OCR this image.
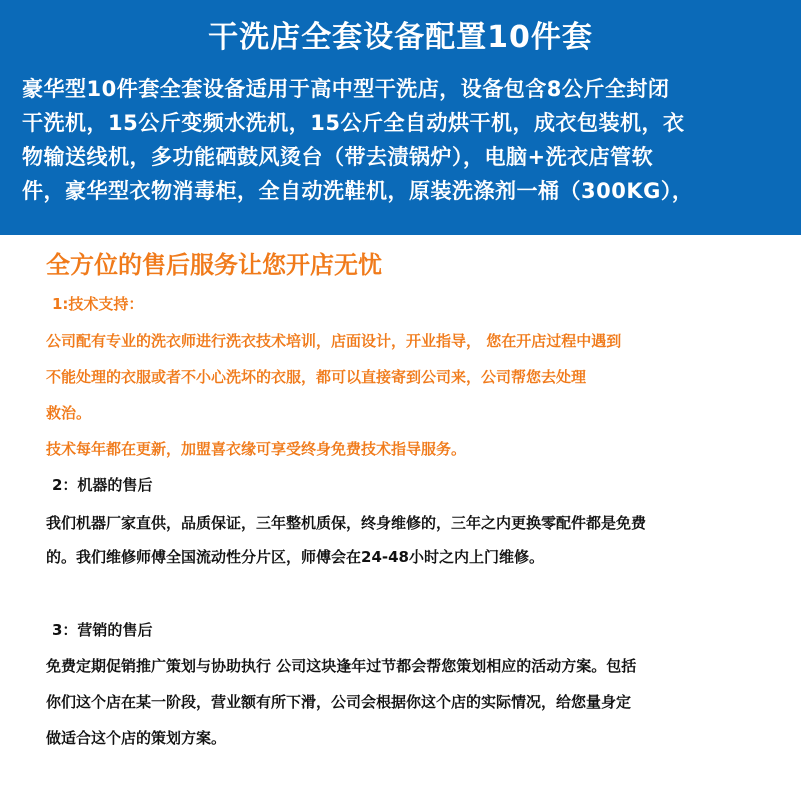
干洗店全套设备配置10件套
豪华型10件套全套设备适用于高中型干洗店，设备包含8公斤全封闭
干洗机，15公斤变频水洗机，15公斤全自动烘干机，成衣包装机，衣
物输送线机，多功能硒鼓风烫台（带去渍锅炉），电脑+洗衣店管软
件，豪华型衣物消毒柜，全自动洗鞋机，原装洗涤剂一桶（300KG），
全方位的售后服务让您开店无忧
1:技术支持：
公司配有专业的洗衣师进行洗衣技术培训，店面设计，开业指导， 您在开店过程中遇到
不能处理的衣服或者不小心洗坏的衣服，都可以直接寄到公司来，公司帮您去处理
救治。
技术每年都在更新，加盟喜衣缘可享受终身免费技术指导服务。
2：机器的售后
我们机器厂家直供，品质保证，三年整机质保，终身维修的，三年之内更换零配件都是免费
的。我们维修师傅全国流动性分片区，师傅会在24-48小时之内上门维修。
3：营销的售后
免费定期促销推广策划与协助执行 公司这块逢年过节都会帮您策划相应的活动方案。包括
你们这个店在某一阶段，营业额有所下滑，公司会根据你这个店的实际情况，给您量身定
做适合这个店的策划方案。
